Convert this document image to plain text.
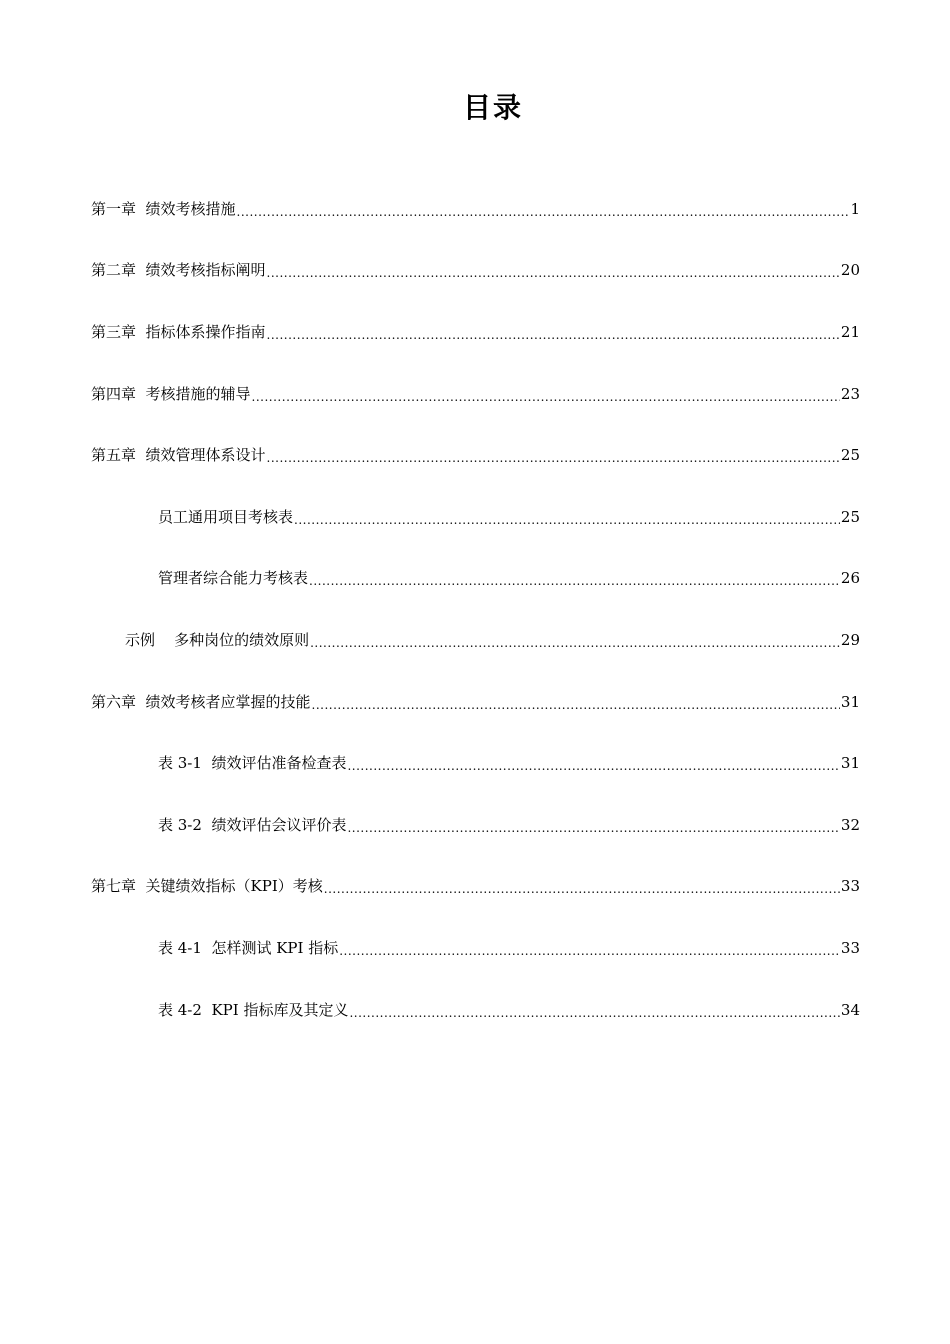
目录
第一章  绩效考核措施 .....	1
第二章  绩效考核指标阐明 .....	20
第三章  指标体系操作指南 .....	21
第四章  考核措施的辅导 .....	23
第五章  绩效管理体系设计 .....	25
员工通用项目考核表 .....	25
管理者综合能力考核表 .....	26
示例    多种岗位的绩效原则 .....	29
第六章  绩效考核者应掌握的技能 .....	31
表 3-1  绩效评估准备检查表 .....	31
表 3-2  绩效评估会议评价表 .....	32
第七章  关键绩效指标（KPI）考核 .....	33
表 4-1  怎样测试 KPI 指标 .....	33
表 4-2  KPI 指标库及其定义 .....	34
